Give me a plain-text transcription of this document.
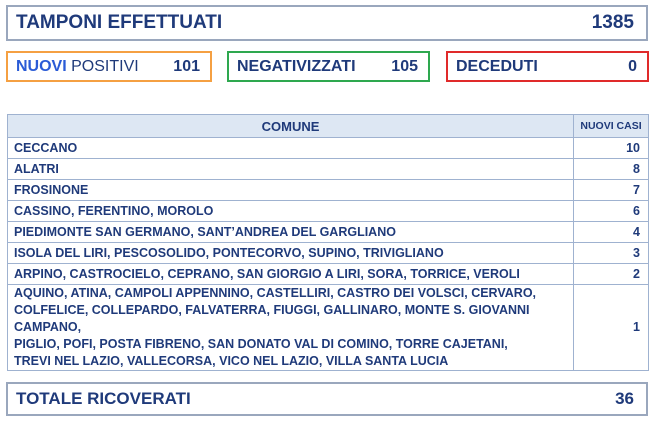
TAMPONI EFFETTUATI	1385
NUOVI POSITIVI 101 NEGATIVIZZATI 105 DECEDUTI	0
COMUNE	NUOVI CASI
CECCANO	10
ALATRI	8
FROSINONE	7
CASSINO, FERENTINO, MOROLO	6
PIEDIMONTE SAN GERMANO, SANT’ANDREA DEL GARGLIANO	4
ISOLA DEL LIRI, PESCOSOLIDO, PONTECORVO, SUPINO, TRIVIGLIANO	3
ARPINO, CASTROCIELO, CEPRANO, SAN GIORGIO A LIRI, SORA, TORRICE, VEROLI	2

AQUINO, ATINA, CAMPOLI APPENNINO, CASTELLIRI, CASTRO DEI VOLSCI, CERVARO,
COLFELICE, COLLEPARDO, FALVATERRA, FIUGGI, GALLINARO, MONTE S. GIOVANNI CAMPANO,
PIGLIO, POFI, POSTA FIBRENO, SAN DONATO VAL DI COMINO, TORRE CAJETANI,
TREVI NEL LAZIO, VALLECORSA, VICO NEL LAZIO, VILLA SANTA LUCIA	1
TOTALE RICOVERATI	36
